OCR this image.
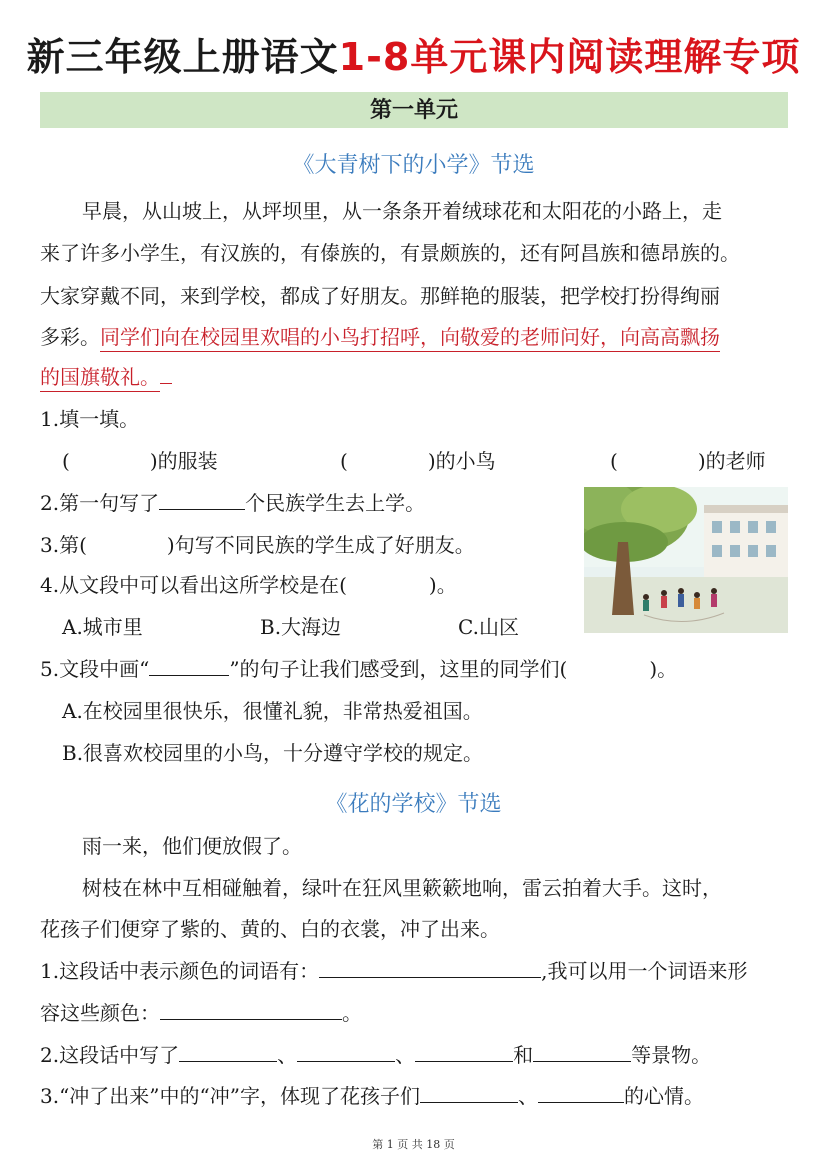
新三年级上册语文1-8单元课内阅读理解专项
第一单元
《大青树下的小学》节选
早晨，从山坡上，从坪坝里，从一条条开着绒球花和太阳花的小路上，走
来了许多小学生，有汉族的，有傣族的，有景颇族的，还有阿昌族和德昂族的。
大家穿戴不同，来到学校，都成了好朋友。那鲜艳的服装，把学校打扮得绚丽
多彩。同学们向在校园里欢唱的小鸟打招呼，向敬爱的老师问好，向高高飘扬
的国旗敬礼。
1.填一填。
(	)的服装	(	)的小鸟	(	)的老师
2.第一句写了	个民族学生去上学。
3.第(	)句写不同民族的学生成了好朋友。
4.从文段中可以看出这所学校是在(	)。
A.城市里	B.大海边	C.山区
5.文段中画“	”的句子让我们感受到，这里的同学们(	)。
A.在校园里很快乐，很懂礼貌，非常热爱祖国。
B.很喜欢校园里的小鸟，十分遵守学校的规定。
《花的学校》节选
雨一来，他们便放假了。
树枝在林中互相碰触着，绿叶在狂风里簌簌地响，雷云拍着大手。这时，
花孩子们便穿了紫的、黄的、白的衣裳，冲了出来。
1.这段话中表示颜色的词语有：	,我可以用一个词语来形
容这些颜色：	。
2.这段话中写了	、	、	和	等景物。
3.“冲了出来”中的“冲”字，体现了花孩子们	、	的心情。
第 1 页 共 18 页
